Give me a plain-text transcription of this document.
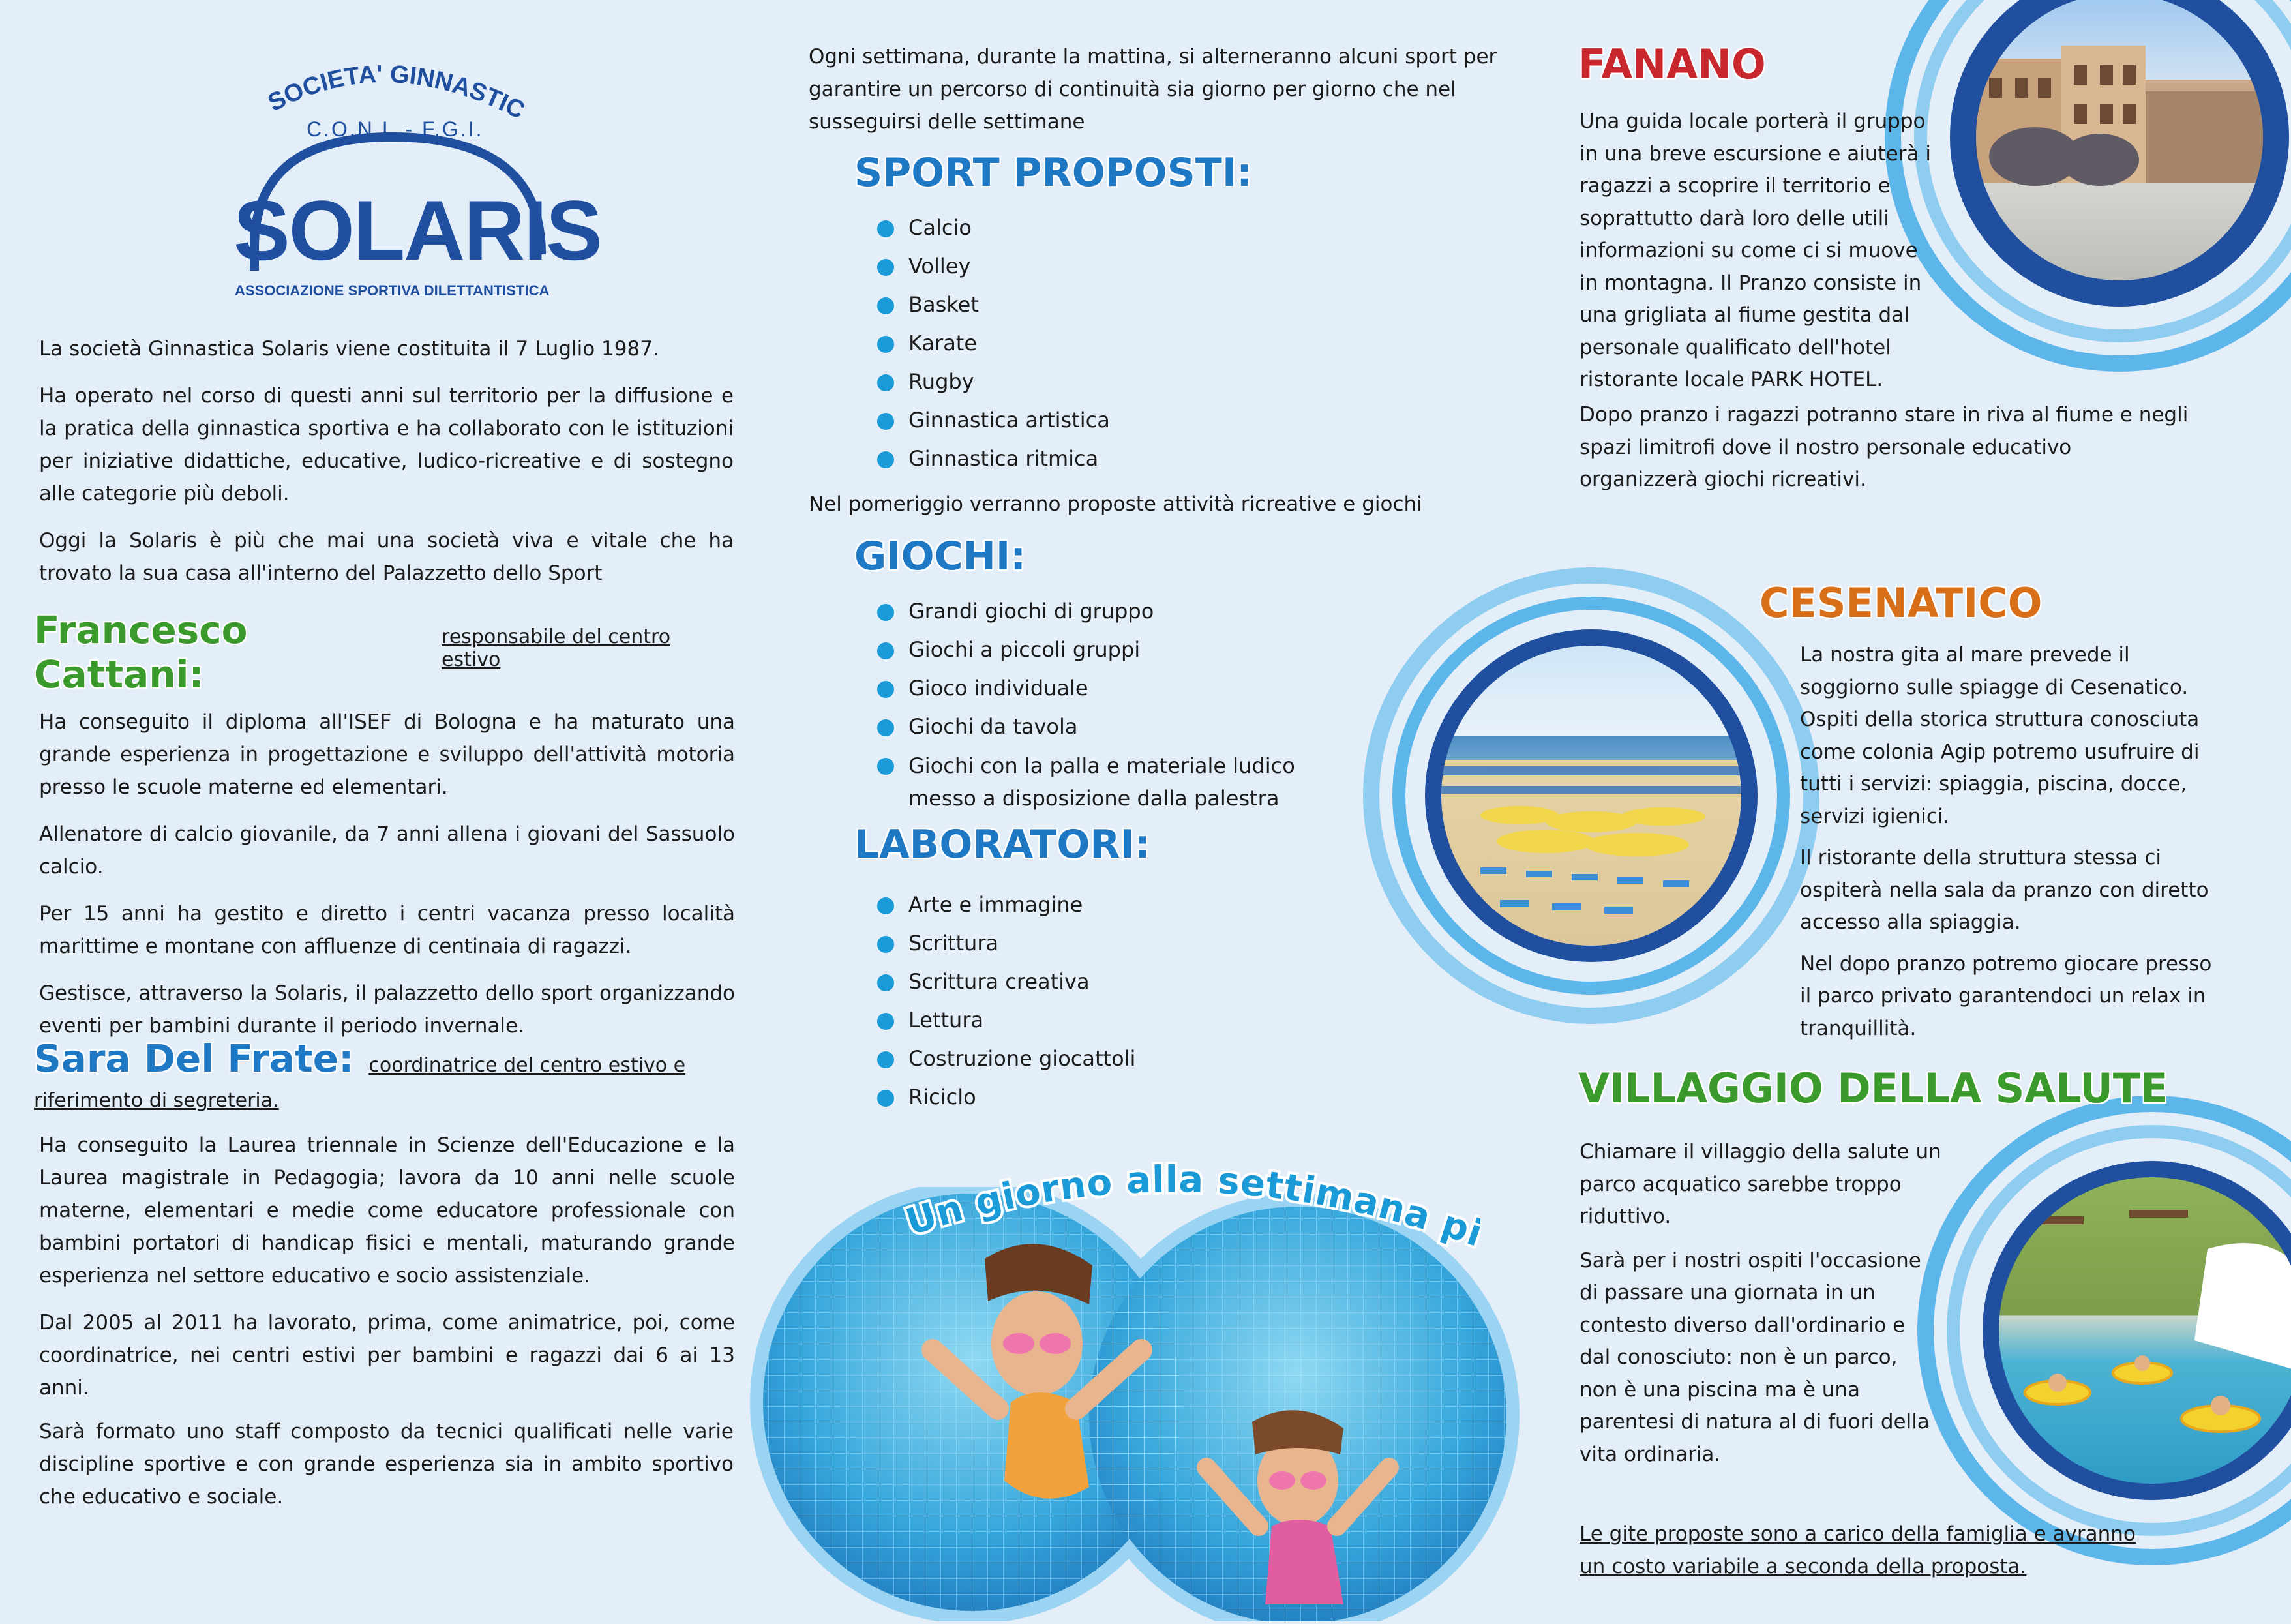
SOCIETA' GINNASTIC
C.O.N.I. - F.G.I.
SOLARIS
ASSOCIAZIONE SPORTIVA DILETTANTISTICA

La società Ginnastica Solaris viene costituita il 7 Luglio 1987.

Ha operato nel corso di questi anni sul territorio per la diffusione e la pratica della ginnastica sportiva e ha collaborato con le istituzioni per iniziative didattiche, educative, ludico-ricreative e di sostegno alle categorie più deboli.

Oggi la Solaris è più che mai una società viva e vitale che ha trovato la sua casa all'interno del Palazzetto dello Sport

Francesco Cattani:
responsabile del centro estivo

Ha conseguito il diploma all'ISEF di Bologna e ha maturato una grande esperienza in progettazione e sviluppo dell'attività motoria presso le scuole materne ed elementari.

Allenatore di calcio giovanile, da 7 anni allena i giovani del Sassuolo calcio.

Per 15 anni ha gestito e diretto i centri vacanza presso località marittime e montane con affluenze di centinaia di ragazzi.

Gestisce, attraverso la Solaris, il palazzetto dello sport organizzando eventi per bambini durante il periodo invernale.

Sara Del Frate: coordinatrice del centro estivo e riferimento di segreteria.

Ha conseguito la Laurea triennale in Scienze dell'Educazione e la Laurea magistrale in Pedagogia; lavora da 10 anni nelle scuole materne, elementari e medie come educatore professionale con bambini portatori di handicap fisici e mentali, maturando grande esperienza nel settore educativo e socio assistenziale.

Dal 2005 al 2011 ha lavorato, prima, come animatrice, poi, come coordinatrice, nei centri estivi per bambini e ragazzi dai 6 ai 13 anni.

Sarà formato uno staff composto da tecnici qualificati nelle varie discipline sportive e con grande esperienza sia in ambito sportivo che educativo e sociale.

Ogni settimana, durante la mattina, si alterneranno alcuni sport per garantire un percorso di continuità sia giorno per giorno che nel susseguirsi delle settimane

SPORT PROPOSTI:
Calcio
Volley
Basket
Karate
Rugby
Ginnastica artistica
Ginnastica ritmica

Nel pomeriggio verranno proposte attività ricreative e giochi

GIOCHI:
Grandi giochi di gruppo
Giochi a piccoli gruppi
Gioco individuale
Giochi da tavola
Giochi con la palla e materiale ludico messo a disposizione dalla palestra
LABORATORI:
Arte e immagine
Scrittura
Scrittura creativa
Lettura
Costruzione giocattoli
Riciclo
Un giorno alla settimana p
FANANO

Una guida locale porterà il gruppo in una breve escursione e aiuterà i ragazzi a scoprire il territorio e soprattutto darà loro delle utili informazioni su come ci si muove in montagna. Il Pranzo consiste in una grigliata al fiume gestita dal personale qualificato dell'hotel ristorante locale PARK HOTEL.

Dopo pranzo i ragazzi potranno stare in riva al fiume e negli spazi limitrofi dove il nostro personale educativo organizzerà giochi ricreativi.

CESENATICO

La nostra gita al mare prevede il soggiorno sulle spiagge di Cesenatico. Ospiti della storica struttura conosciuta come colonia Agip potremo usufruire di tutti i servizi: spiaggia, piscina, docce, servizi igienici.

Il ristorante della struttura stessa ci ospiterà nella sala da pranzo con diretto accesso alla spiaggia.

Nel dopo pranzo potremo giocare presso il parco privato garantendoci un relax in tranquillità.

VILLAGGIO DELLA SALUTE

Chiamare il villaggio della salute un parco acquatico sarebbe troppo riduttivo.

Sarà per i nostri ospiti l'occasione di passare una giornata in un contesto diverso dall'ordinario e dal conosciuto: non è un parco, non è una piscina ma è una parentesi di natura al di fuori della vita ordinaria.

Le gite proposte sono a carico della famiglia e avranno un costo variabile a seconda della proposta.
